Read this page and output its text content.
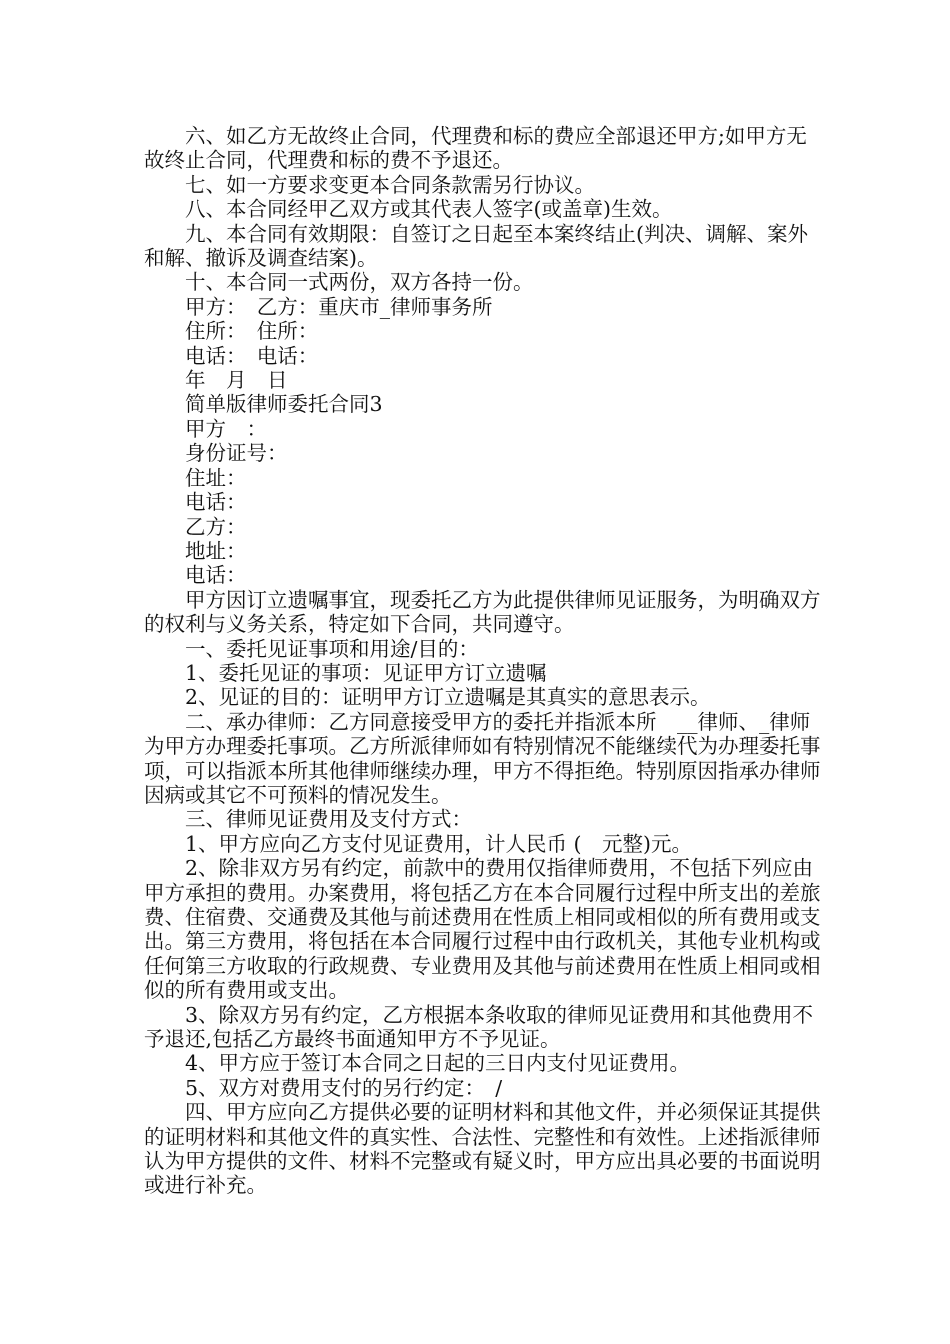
六、如乙方无故终止合同，代理费和标的费应全部退还甲方;如甲方无故终止合同，代理费和标的费不予退还。

七、如一方要求变更本合同条款需另行协议。

八、本合同经甲乙双方或其代表人签字(或盖章)生效。

九、本合同有效期限：自签订之日起至本案终结止(判决、调解、案外和解、撤诉及调查结案)。

十、本合同一式两份，双方各持一份。

甲方：　乙方：重庆市_律师事务所

住所：　住所：

电话：　电话：

年　月　日

简单版律师委托合同3

甲方　：

身份证号：

住址：

电话：

乙方：

地址：

电话：

甲方因订立遗嘱事宜，现委托乙方为此提供律师见证服务，为明确双方的权利与义务关系，特定如下合同，共同遵守。

一、委托见证事项和用途/目的：

1、委托见证的事项：见证甲方订立遗嘱

2、见证的目的：证明甲方订立遗嘱是其真实的意思表示。

二、承办律师：乙方同意接受甲方的委托并指派本所　__律师、_律师为甲方办理委托事项。乙方所派律师如有特别情况不能继续代为办理委托事项，可以指派本所其他律师继续办理，甲方不得拒绝。特别原因指承办律师因病或其它不可预料的情况发生。

三、律师见证费用及支付方式：

1、甲方应向乙方支付见证费用，计人民币 (　元整)元。

2、除非双方另有约定，前款中的费用仅指律师费用，不包括下列应由甲方承担的费用。办案费用，将包括乙方在本合同履行过程中所支出的差旅费、住宿费、交通费及其他与前述费用在性质上相同或相似的所有费用或支出。第三方费用，将包括在本合同履行过程中由行政机关，其他专业机构或任何第三方收取的行政规费、专业费用及其他与前述费用在性质上相同或相似的所有费用或支出。

3、除双方另有约定，乙方根据本条收取的律师见证费用和其他费用不予退还,包括乙方最终书面通知甲方不予见证。

4、甲方应于签订本合同之日起的三日内支付见证费用。

5、双方对费用支付的另行约定：　/

四、甲方应向乙方提供必要的证明材料和其他文件，并必须保证其提供的证明材料和其他文件的真实性、合法性、完整性和有效性。上述指派律师认为甲方提供的文件、材料不完整或有疑义时，甲方应出具必要的书面说明或进行补充。
